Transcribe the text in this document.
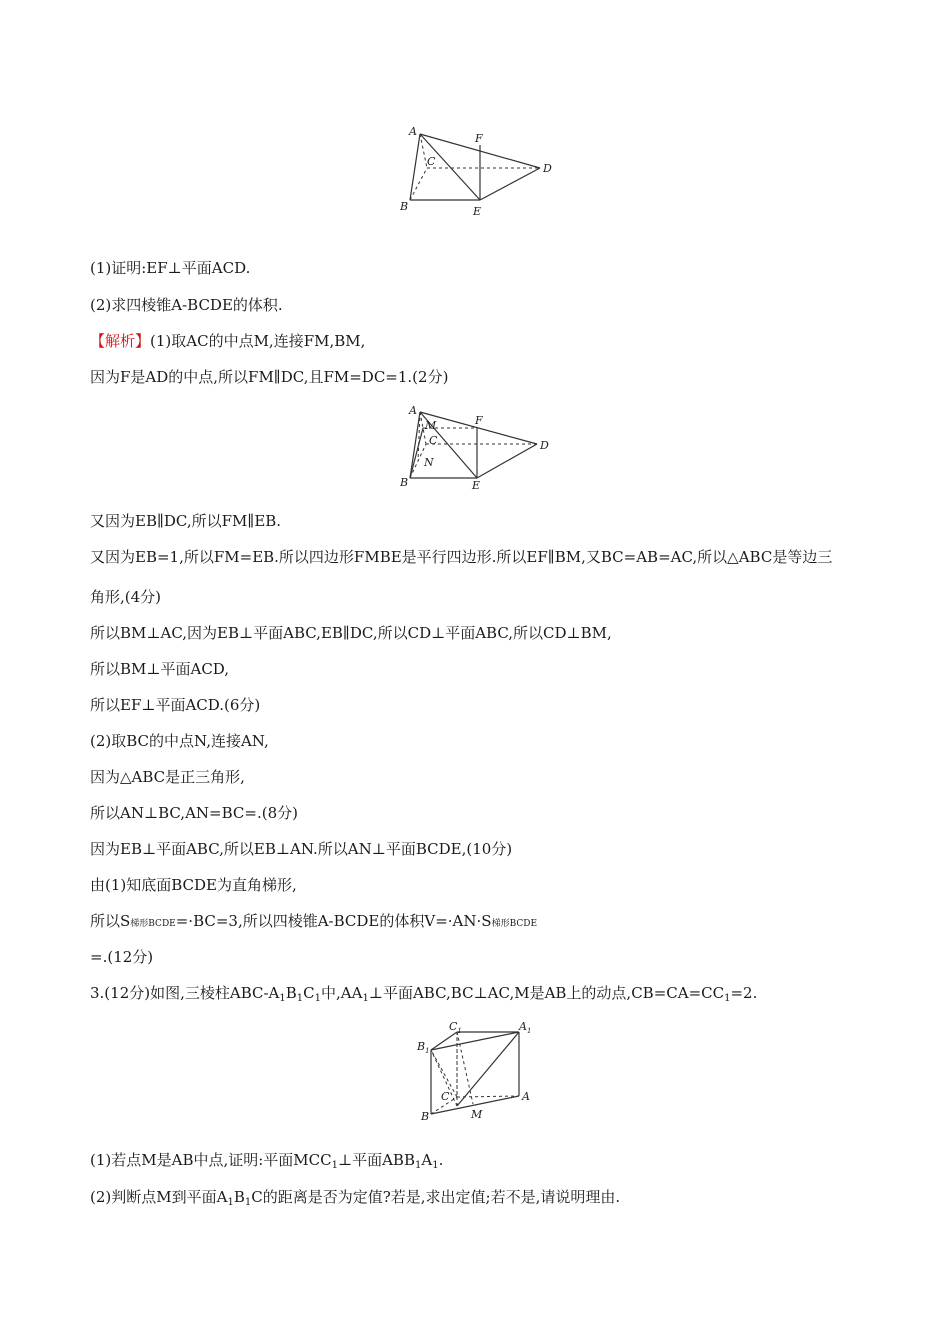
A
B
C
D
E
F
(1)证明:EF⊥平面ACD.
(2)求四棱锥A-BCDE的体积.
【解析】(1)取AC的中点M,连接FM,BM,
因为F是AD的中点,所以FM∥DC,且FM=DC=1.(2分)
A
B
C	D
E
F
M
N
又因为EB∥DC,所以FM∥EB.
又因为EB=1,所以FM=EB.所以四边形FMBE是平行四边形.所以EF∥BM,又BC=AB=AC,所以△ABC是等边三
角形,(4分)
所以BM⊥AC,因为EB⊥平面ABC,EB∥DC,所以CD⊥平面ABC,所以CD⊥BM,
所以BM⊥平面ACD,
所以EF⊥平面ACD.(6分)
(2)取BC的中点N,连接AN,
因为△ABC是正三角形,
所以AN⊥BC,AN=BC=.(8分)
因为EB⊥平面ABC,所以EB⊥AN.所以AN⊥平面BCDE,(10分)
由(1)知底面BCDE为直角梯形,
所以S梯形BCDE=·BC=3,所以四棱锥A-BCDE的体积V=·AN·S梯形BCDE
=.(12分)
3.(12分)如图,三棱柱ABC-$A_1B_1C_1$中$,AA_1\perp$平面ABC,BC⊥AC,M是AB上的动点$,CB=CA=CC_1=2$.
$C_1$	$A_1$
$B_1$
C	A
B	M
(1)若点M是AB中点,证明:平面$MCC_1\perp$平面$ABB_1A_1$.
(2)判断点M到平面$A_1B_1C$的距离是否为定值?若是,求出定值;若不是,请说明理由.
